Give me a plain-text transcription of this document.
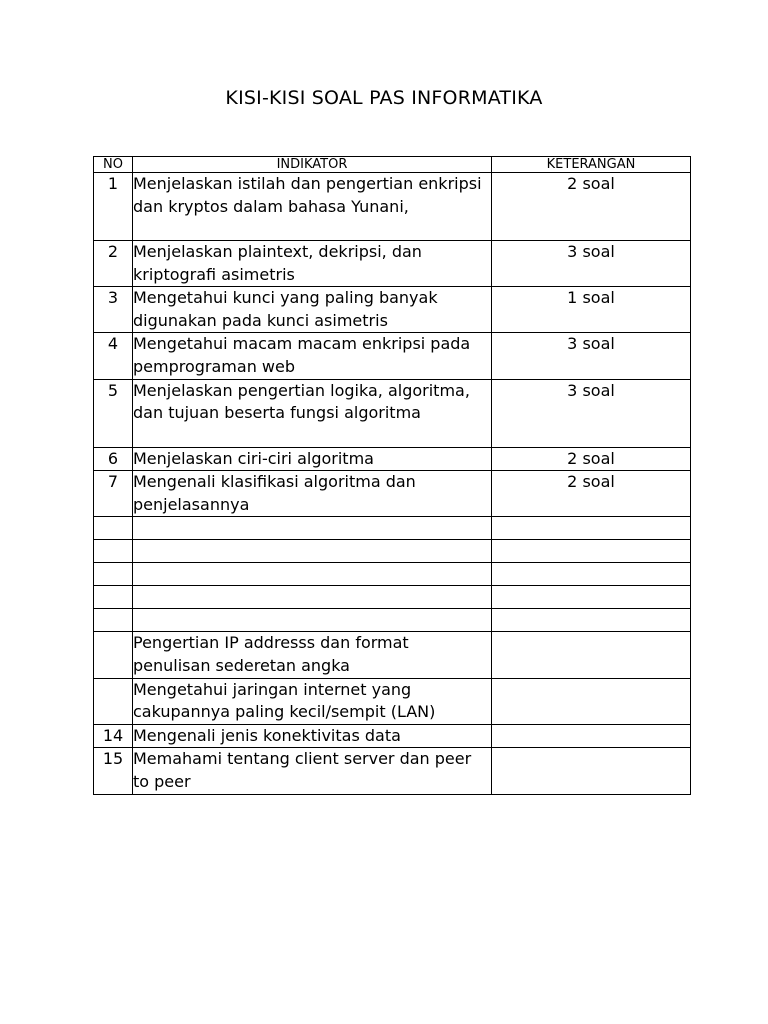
KISI-KISI SOAL PAS INFORMATIKA
NO	INDIKATOR	KETERANGAN
1	Menjelaskan istilah dan pengertian enkripsi dan kryptos dalam bahasa Yunani,	2 soal
2	Menjelaskan plaintext, dekripsi, dan kriptografi asimetris	3 soal
3	Mengetahui kunci yang paling banyak digunakan pada kunci asimetris	1 soal
4	Mengetahui macam macam enkripsi pada pemprograman web	3 soal
5	Menjelaskan pengertian logika, algoritma, dan tujuan beserta fungsi algoritma	3 soal
6	Menjelaskan ciri-ciri algoritma	2 soal
7	Mengenali klasifikasi algoritma dan penjelasannya	2 soal

	Pengertian IP addresss dan format penulisan sederetan angka	
	Mengetahui jaringan internet yang cakupannya paling kecil/sempit (LAN)	
14	Mengenali jenis konektivitas data	
15	Memahami tentang client server dan peer to peer	
